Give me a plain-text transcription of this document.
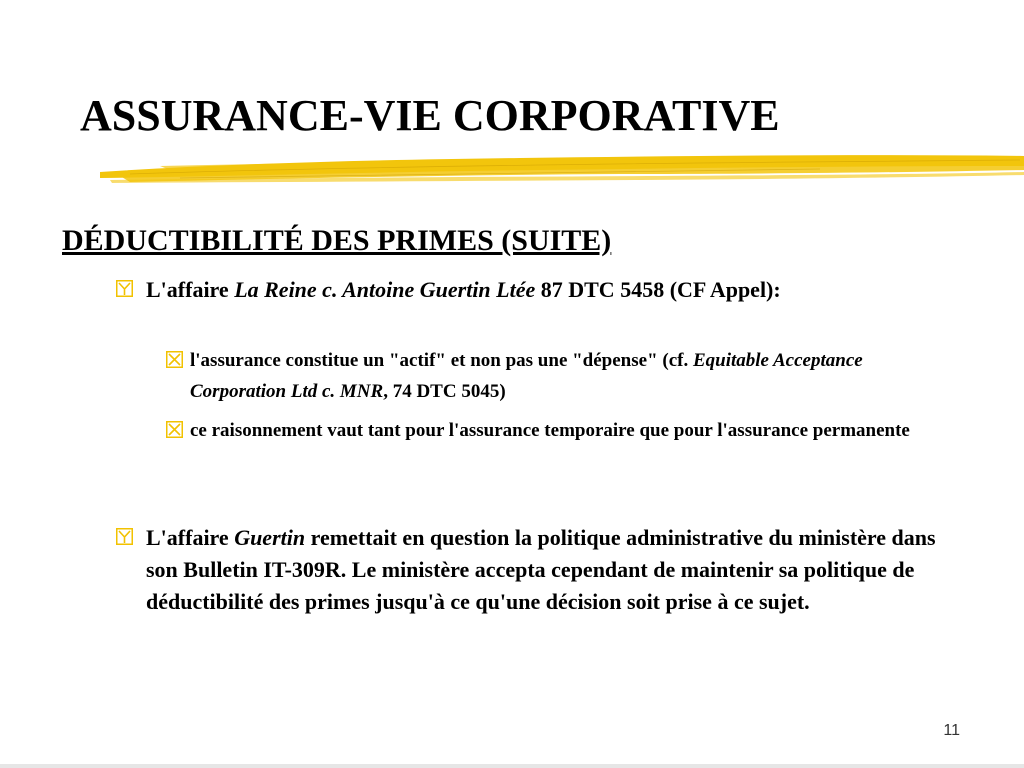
ASSURANCE-VIE CORPORATIVE
DÉDUCTIBILITÉ DES PRIMES (SUITE)
L'affaire La Reine c. Antoine Guertin Ltée 87 DTC 5458 (CF Appel):
l'assurance constitue un "actif" et non pas une "dépense" (cf. Equitable Acceptance Corporation Ltd c. MNR, 74 DTC 5045)
ce raisonnement vaut tant pour l'assurance temporaire que pour l'assurance permanente
L'affaire Guertin remettait en question la politique administrative du ministère dans son Bulletin IT-309R. Le ministère accepta cependant de maintenir sa politique de déductibilité des primes jusqu'à ce qu'une décision soit prise à ce sujet.
11
